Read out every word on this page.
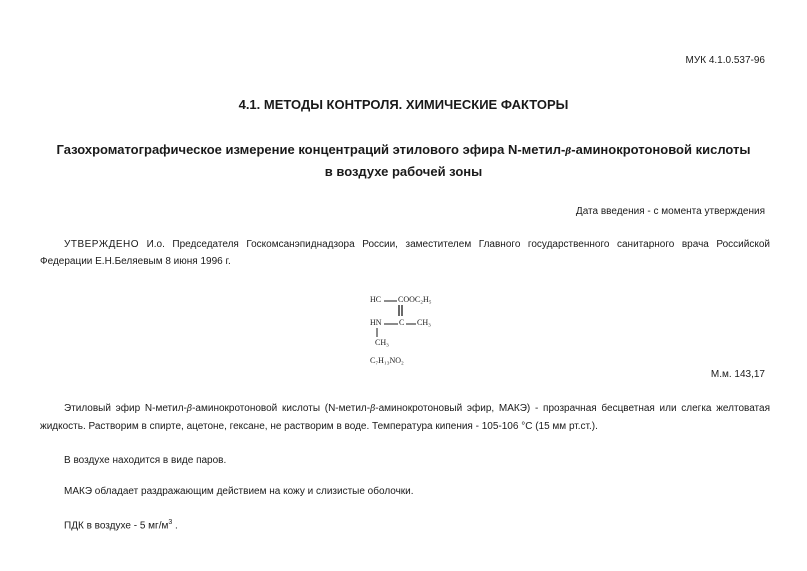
МУК 4.1.0.537-96
4.1. МЕТОДЫ КОНТРОЛЯ. ХИМИЧЕСКИЕ ФАКТОРЫ
Газохроматографическое измерение концентраций этилового эфира N-метил-β-аминокротоновой кислоты
в воздухе рабочей зоны
Дата введения - с момента утверждения
УТВЕРЖДЕНО И.о. Председателя Госкомсанэпиднадзора России, заместителем Главного государственного санитарного врача Российской Федерации Е.Н.Беляевым 8 июня 1996 г.
HC COOC₂H₅
HN C CH₃
CH₃
C₇H₁₃NO₂
М.м. 143,17
Этиловый эфир N-метил-β-аминокротоновой кислоты (N-метил-β-аминокротоновый эфир, МАКЭ) - прозрачная бесцветная или слегка желтоватая жидкость. Растворим в спирте, ацетоне, гексане, не растворим в воде. Температура кипения - 105-106 °С (15 мм рт.ст.).
В воздухе находится в виде паров.
МАКЭ обладает раздражающим действием на кожу и слизистые оболочки.
ПДК в воздухе - 5 $мг/м^3$ .
